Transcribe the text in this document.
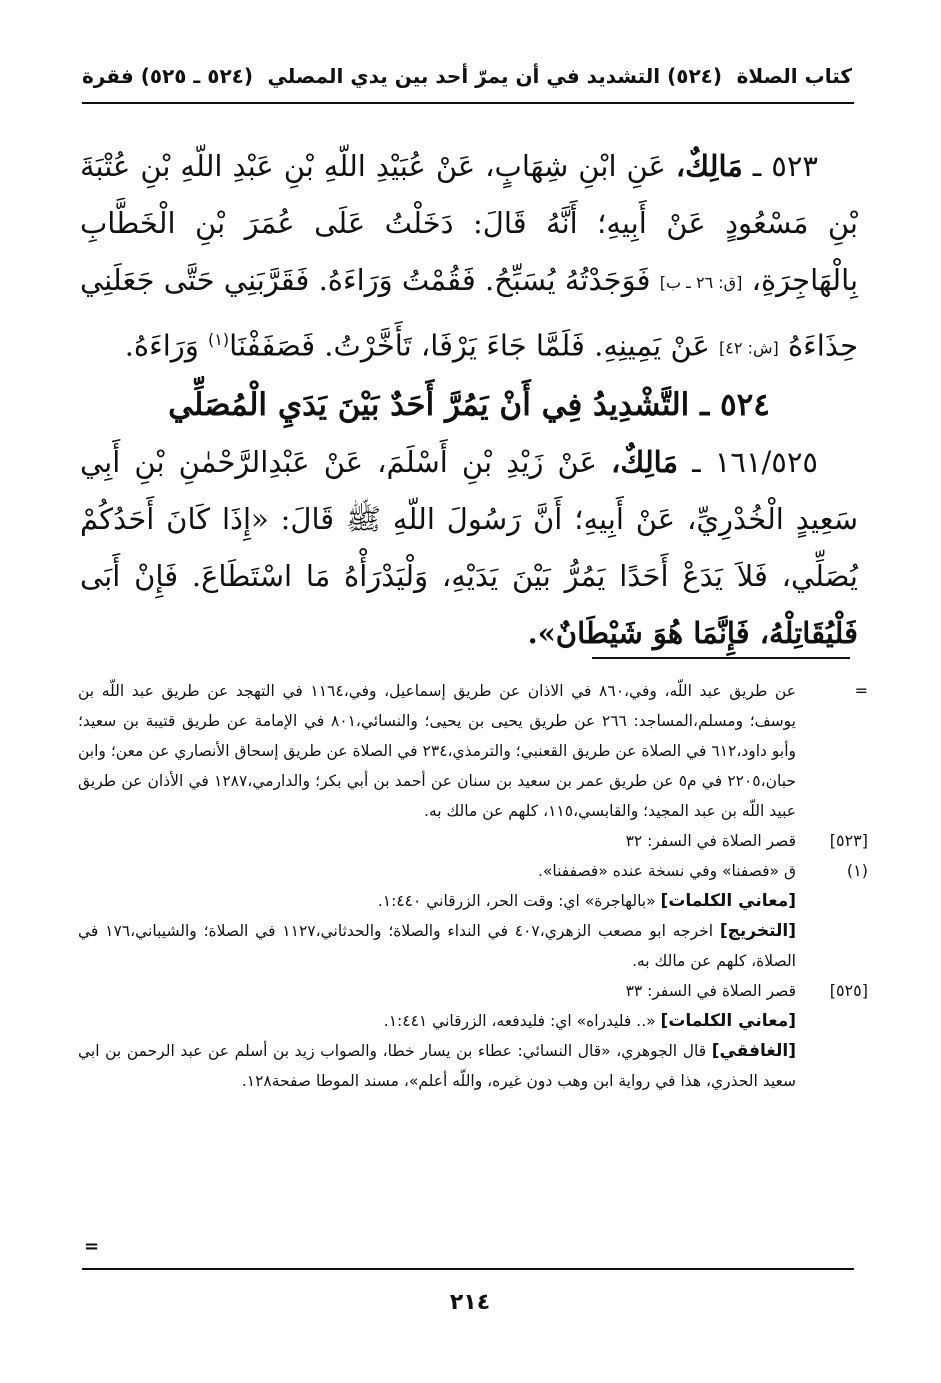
كتاب الصلاة
(٥٢٤) التشديد في أن يمرّ أحد بين يدي المصلي
(٥٢٤ ـ ٥٢٥) فقرة

٥٢٣ ـ مَالِكٌ، عَنِ ابْنِ شِهَابٍ، عَنْ عُبَيْدِ اللّهِ بْنِ عَبْدِ اللّهِ بْنِ عُتْبَةَ بْنِ مَسْعُودٍ عَنْ أَبِيهِ؛ أَنَّهُ قَالَ: دَخَلْتُ عَلَى عُمَرَ بْنِ الْخَطَّابِ بِالْهَاجِرَةِ، [ق: ٢٦ ـ ب] فَوَجَدْتُهُ يُسَبِّحُ. فَقُمْتُ وَرَاءَهُ. فَقَرَّبَنِي حَتَّى جَعَلَنِي حِذَاءَهُ [ش: ٤٢] عَنْ يَمِينِهِ. فَلَمَّا جَاءَ يَرْفَا، تَأَخَّرْتُ. فَصَفَفْنَا$^{(١)}$ وَرَاءَهُ.

٥٢٤ ـ التَّشْدِيدُ فِي أَنْ يَمُرَّ أَحَدٌ بَيْنَ يَدَيِ الْمُصَلِّي

١٦١/٥٢٥ ـ مَالِكٌ، عَنْ زَيْدِ بْنِ أَسْلَمَ، عَنْ عَبْدِالرَّحْمٰنِ بْنِ أَبِي سَعِيدٍ الْخُدْرِيِّ، عَنْ أَبِيهِ؛ أَنَّ رَسُولَ اللّهِ ﷺ قَالَ: «إِذَا كَانَ أَحَدُكُمْ يُصَلِّي، فَلاَ يَدَعْ أَحَدًا يَمُرُّ بَيْنَ يَدَيْهِ، وَلْيَدْرَأْهُ مَا اسْتَطَاعَ. فَإِنْ أَبَى فَلْيُقَاتِلْهُ، فَإِنَّمَا هُوَ شَيْطَانٌ».

=
عن طريق عبد اللّه، وفي،٨٦٠ في الاذان عن طريق إسماعيل، وفي،١١٦٤ في التهجد عن طريق عبد اللّه بن يوسف؛ ومسلم،المساجد: ٢٦٦ عن طريق يحيى بن يحيى؛ والنسائي،٨٠١ في الإمامة عن طريق قتيبة بن سعيد؛ وأبو داود،٦١٢ في الصلاة عن طريق القعنبي؛ والترمذي،٢٣٤ في الصلاة عن طريق إسحاق الأنصاري عن معن؛ وابن حبان،٢٢٠٥ في م٥ عن طريق عمر بن سعيد بن سنان عن أحمد بن أبي بكر؛ والدارمي،١٢٨٧ في الأذان عن طريق عبيد اللّه بن عبد المجيد؛ والقابسي،١١٥، كلهم عن مالك به.
[٥٢٣]
قصر الصلاة في السفر: ٣٢
(١)
ق «فصفنا» وفي نسخة عنده «فصففنا».
[معاني الكلمات] «بالهاجرة» اي: وقت الحر، الزرقاني ١:٤٤٠.
[التخريج] اخرجه ابو مصعب الزهري،٤٠٧ في النداء والصلاة؛ والحدثاني،١١٢٧ في الصلاة؛ والشيباني،١٧٦ في الصلاة، كلهم عن مالك به.
[٥٢٥]
قصر الصلاة في السفر: ٣٣
[معاني الكلمات] «.. فليدراه» اي: فليدفعه، الزرقاني ١:٤٤١.
[الغافقي] قال الجوهري، «قال النسائي: عطاء بن يسار خطا، والصواب زيد بن أسلم عن عبد الرحمن بن ابي سعيد الحذري، هذا في رواية ابن وهب دون غيره، واللّه أعلم»، مسند الموطا صفحة١٢٨.
=
٢١٤
